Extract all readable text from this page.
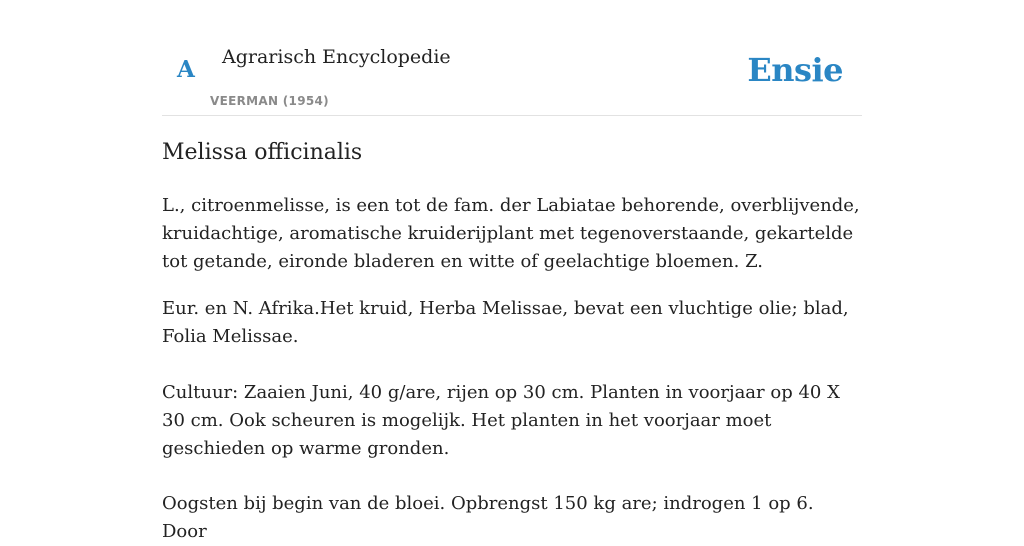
A Agrarisch Encyclopedie
VEERMAN (1954)
Ensie
Melissa officinalis

L., citroenmelisse, is een tot de fam. der Labiatae behorende, overblijvende, kruidachtige, aromatische kruiderijplant met tegenoverstaande, gekartelde tot getande, eironde bladeren en witte of geelachtige bloemen. Z.

Eur. en N. Afrika.Het kruid, Herba Melissae, bevat een vluchtige olie; blad, Folia Melissae.

Cultuur: Zaaien Juni, 40 g/are, rijen op 30 cm. Planten in voorjaar op 40 X 30 cm. Ook scheuren is mogelijk. Het planten in het voorjaar moet geschieden op warme gronden.

Oogsten bij begin van de bloei. Opbrengst 150 kg are; indrogen 1 op 6. Door
